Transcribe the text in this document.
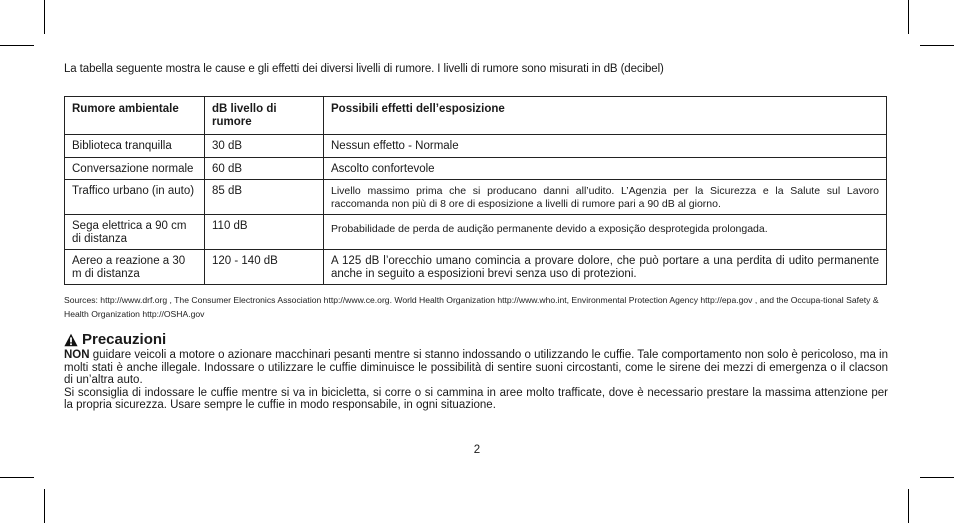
La tabella seguente mostra le cause e gli effetti dei diversi livelli di rumore. I livelli di rumore sono misurati in dB (decibel)
Rumore ambientale	dB livello di rumore	Possibili effetti dell’esposizione
Biblioteca tranquilla	30 dB	Nessun effetto - Normale
Conversazione normale	60 dB	Ascolto confortevole
Traffico urbano (in auto)	85 dB	Livello massimo prima che si producano danni all’udito. L’Agenzia per la Sicurezza e la Salute sul Lavoro raccomanda non più di 8 ore di esposizione a livelli di rumore pari a 90 dB al giorno.
Sega elettrica a 90 cm di distanza	110 dB	Probabilidade de perda de audição permanente devido a exposição desprotegida prolongada.
Aereo a reazione a 30 m di distanza	120 - 140 dB	A 125 dB l’orecchio umano comincia a provare dolore, che può portare a una perdita di udito permanente anche in seguito a esposizioni brevi senza uso di protezioni.
Sources: http://www.drf.org , The Consumer Electronics Association http://www.ce.org. World Health Organization http://www.who.int, Environmental Protection Agency http://epa.gov , and the Occupa-tional Safety & Health Organization http://OSHA.gov
Precauzioni

NON guidare veicoli a motore o azionare macchinari pesanti mentre si stanno indossando o utilizzando le cuffie. Tale comportamento non solo è pericoloso, ma in molti stati è anche illegale. Indossare o utilizzare le cuffie diminuisce le possibilità di sentire suoni circostanti, come le sirene dei mezzi di emergenza o il clacson di un’altra auto.

Si sconsiglia di indossare le cuffie mentre si va in bicicletta, si corre o si cammina in aree molto trafficate, dove è necessario prestare la massima attenzione per la propria sicurezza. Usare sempre le cuffie in modo responsabile, in ogni situazione.

2
